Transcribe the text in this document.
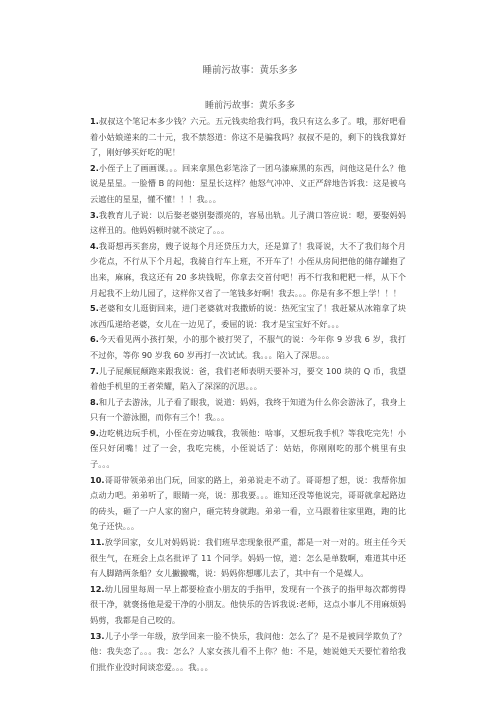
睡前污故事：黄乐多多
睡前污故事：黄乐多多

1.叔叔这个笔记本多少钱？六元。五元钱卖给我行吗，我只有这么多了。哦，那好吧看着小姑娘递来的二十元，我不禁怒道：你这不是骗我吗？叔叔不是的，剩下的钱我算好了，刚好够买好吃的呢！

2.小侄子上了画画课。。。回来拿黑色彩笔涂了一团乌漆麻黑的东西，问他这是什么？他说是星星。一脸懵 B 的问他：星星长这样？他怒气冲冲、义正严辞地告诉我：这是被乌云遮住的星星，懂不懂！！！我。。。

3.我教育儿子说：以后娶老婆别娶漂亮的，容易出轨。儿子满口答应说：嗯，要娶妈妈这样丑的。他妈妈顿时就不淡定了。。。

4.我哥想再买套房，嫂子说每个月还贷压力大，还是算了！我哥说，大不了我们每个月少花点，不行从下个月起，我骑自行车上班，不开车了！小侄从房间把他的储存罐抱了出来，麻麻，我这还有 20 多块钱呢，你拿去交首付吧！再不行我和粑粑一样，从下个月起我不上幼儿园了，这样你又省了一笔钱多好啊！我去。。。你是有多不想上学！！！

5.老婆和女儿逛街回来，进门老婆就对我撒娇的说：热死宝宝了！我赶紧从冰箱拿了块冰西瓜递给老婆，女儿在一边见了，委屈的说：我才是宝宝好不好。。。

6.今天看见两小孩打架，小的那个被打哭了，不服气的说：今年你 9 岁我 6 岁，我打不过你，等你 90 岁我 60 岁再打一次试试。我。。。陷入了深思。。。

7.儿子屁颠屁颠跑来跟我说：爸，我们老师表明天要补习，要交 100 块的 Q 币，我望着他手机里的王者荣耀，陷入了深深的沉思。。。

8.和儿子去游泳，儿子看了眼我，说道：妈妈，我终于知道为什么你会游泳了，我身上只有一个游泳圈，而你有三个！我。。。

9.边吃桃边玩手机，小侄在旁边喊我，我领他：啥事，又想玩我手机？等我吃完先！小侄只好闭嘴！过了一会，我吃完桃，小侄说话了：姑姑，你刚刚吃的那个桃里有虫子。。。

10.哥哥带领弟弟出门玩，回家的路上，弟弟说走不动了。哥哥想了想，说：我帮你加点动力吧。弟弟听了，眼睛一亮，说：那我要。。。谁知还没等他说完，哥哥就拿起路边的砖头，砸了一户人家的窗户，砸完转身就跑。弟弟一看，立马跟着往家里跑，跑的比兔子还快。。。

11.放学回家，女儿对妈妈说：我们班早恋现象很严重，都是一对一对的。班主任今天很生气，在班会上点名批评了 11 个同学。妈妈一惊，道：怎么是单数啊，难道其中还有人脚踏两条船？女儿撇撇嘴，说：妈妈你想哪儿去了，其中有一个是媒人。

12.幼儿园里每周一早上都要检查小朋友的手指甲，发现有一个孩子的指甲每次都剪得很干净，就褒扬他是爱干净的小朋友。他快乐的告诉我说:老师，这点小事儿不用麻烦妈妈剪，我都是自己咬的。

13.儿子小学一年级，放学回来一脸不快乐，我问他：怎么了？是不是被同学欺负了？他：我失恋了。。。我：怎么？人家女孩儿看不上你？他：不是，她说她天天要忙着给我们批作业没时间谈恋爱。。。我。。。
